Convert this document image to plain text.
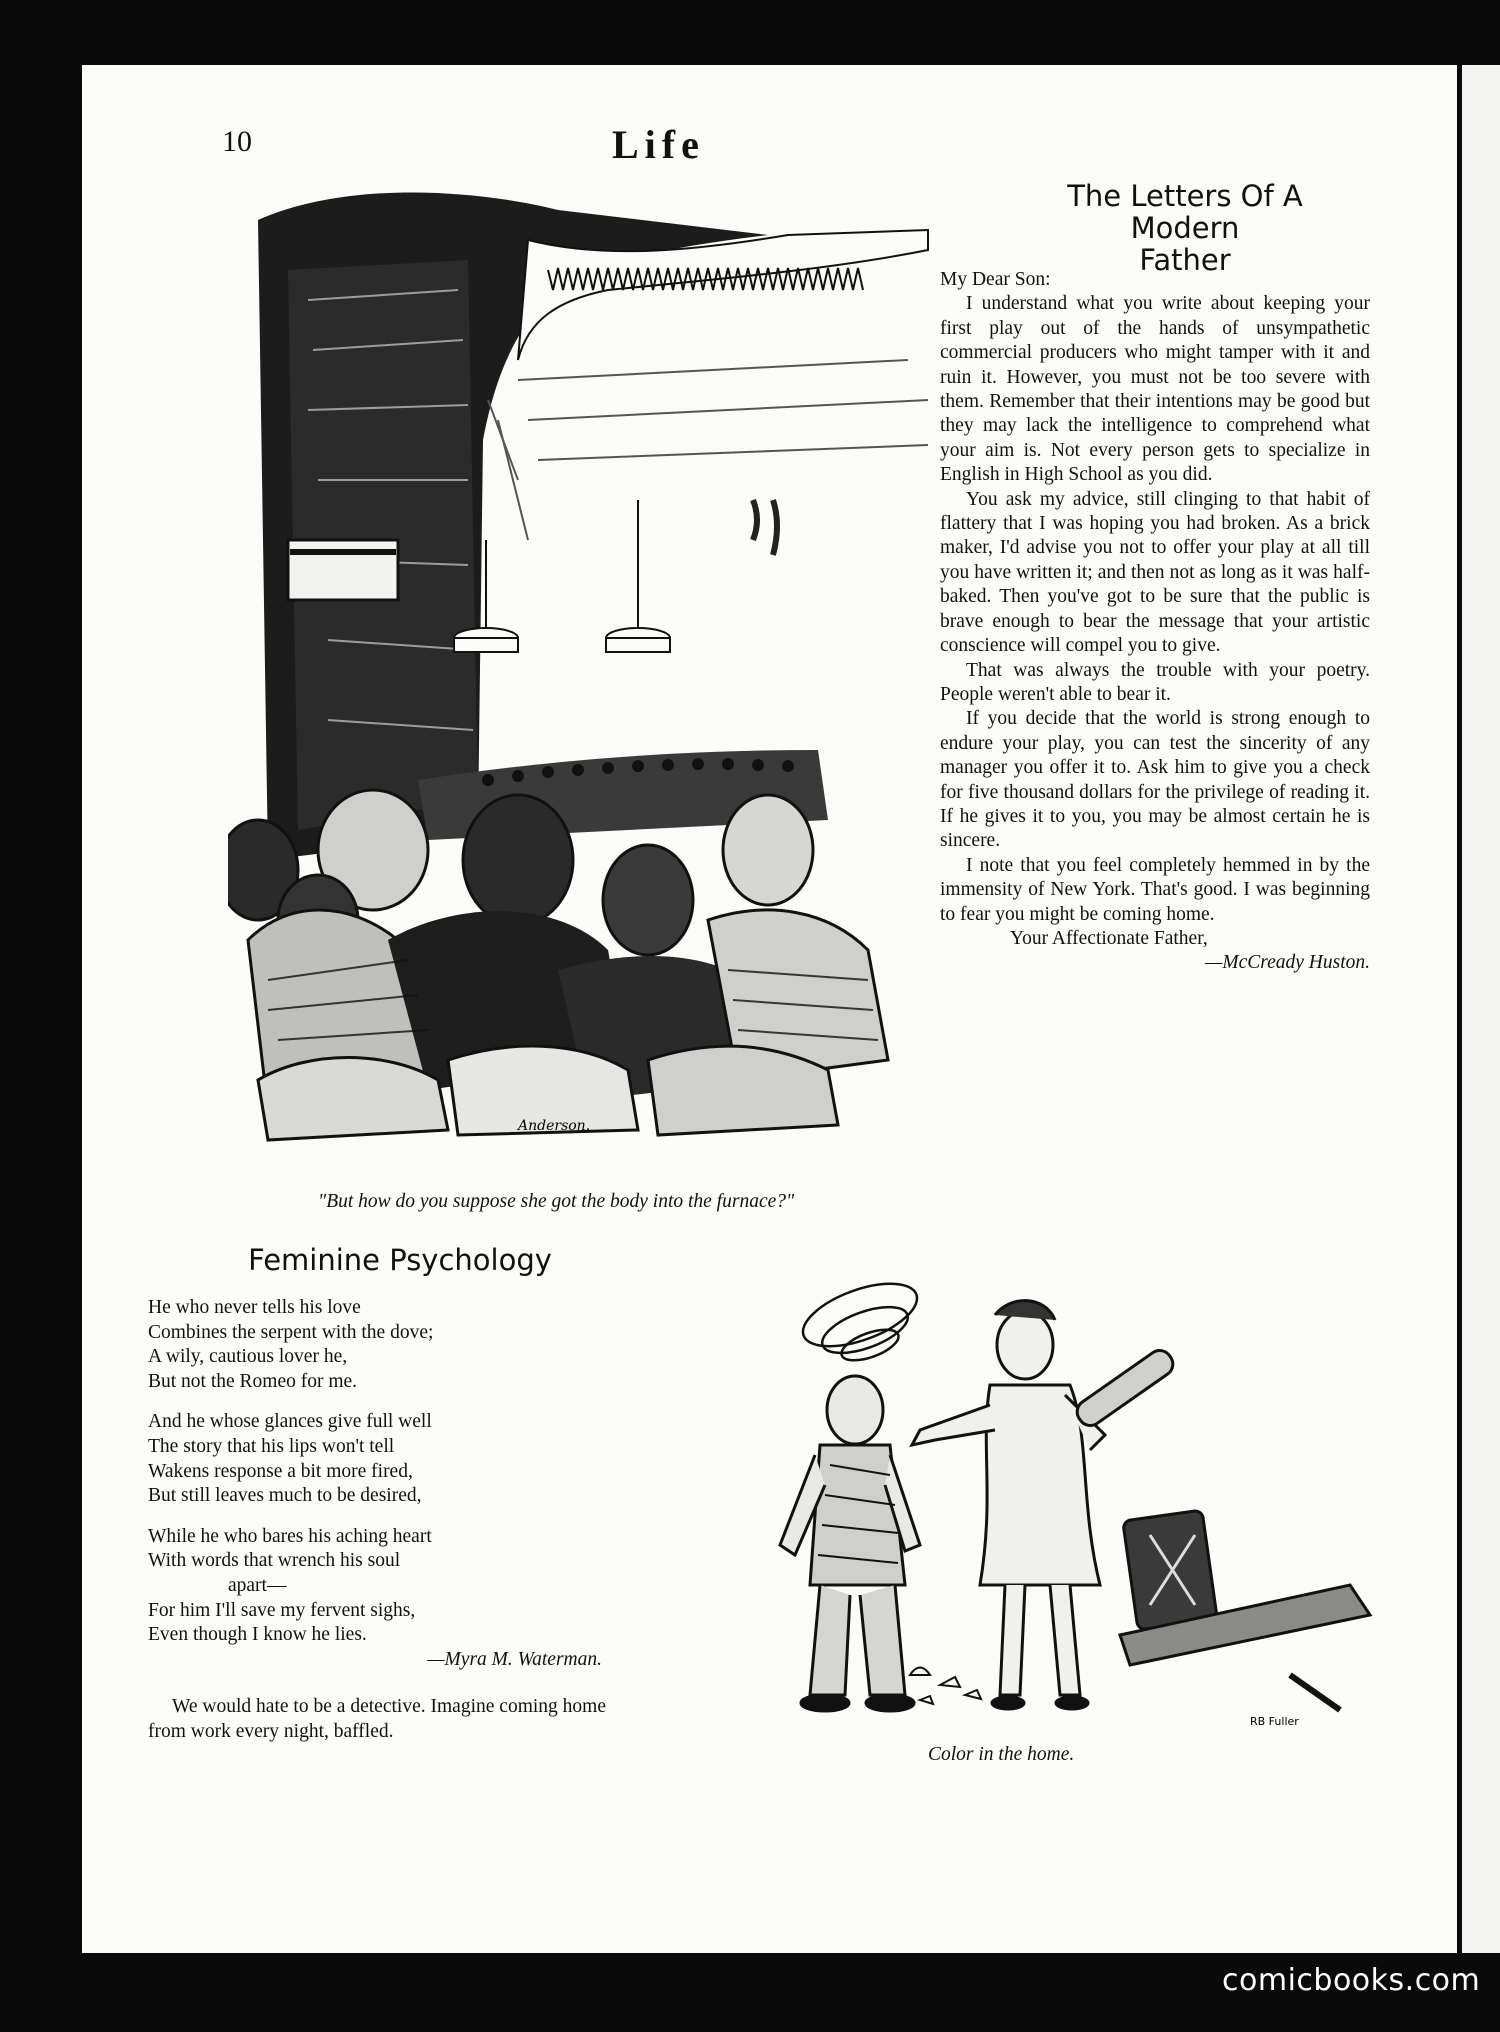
10	Life
Anderson.
"But how do you suppose she got the body into the furnace?"
The Letters Of A Modern
Father

My Dear Son:

I understand what you write about keeping your first play out of the hands of unsympathetic commercial producers who might tamper with it and ruin it. However, you must not be too severe with them. Remember that their intentions may be good but they may lack the intelligence to comprehend what your aim is. Not every person gets to specialize in English in High School as you did.

You ask my advice, still clinging to that habit of flattery that I was hoping you had broken. As a brick maker, I'd advise you not to offer your play at all till you have written it; and then not as long as it was half-baked. Then you've got to be sure that the public is brave enough to bear the message that your artistic conscience will compel you to give.

That was always the trouble with your poetry. People weren't able to bear it.

If you decide that the world is strong enough to endure your play, you can test the sincerity of any manager you offer it to. Ask him to give you a check for five thousand dollars for the privilege of reading it. If he gives it to you, you may be almost certain he is sincere.

I note that you feel completely hemmed in by the immensity of New York. That's good. I was beginning to fear you might be coming home.

Your Affectionate Father,
—McCready Huston.
Feminine Psychology
He who never tells his love
Combines the serpent with the dove;
A wily, cautious lover he,
But not the Romeo for me.
And he whose glances give full well
The story that his lips won't tell
Wakens response a bit more fired,
But still leaves much to be desired,
While he who bares his aching heart
With words that wrench his soul
apart—
For him I'll save my fervent sighs,
Even though I know he lies.
—Myra M. Waterman.
We would hate to be a detective. Imagine coming home from work every night, baffled.	RB Fuller
Color in the home.
comicbooks.com
